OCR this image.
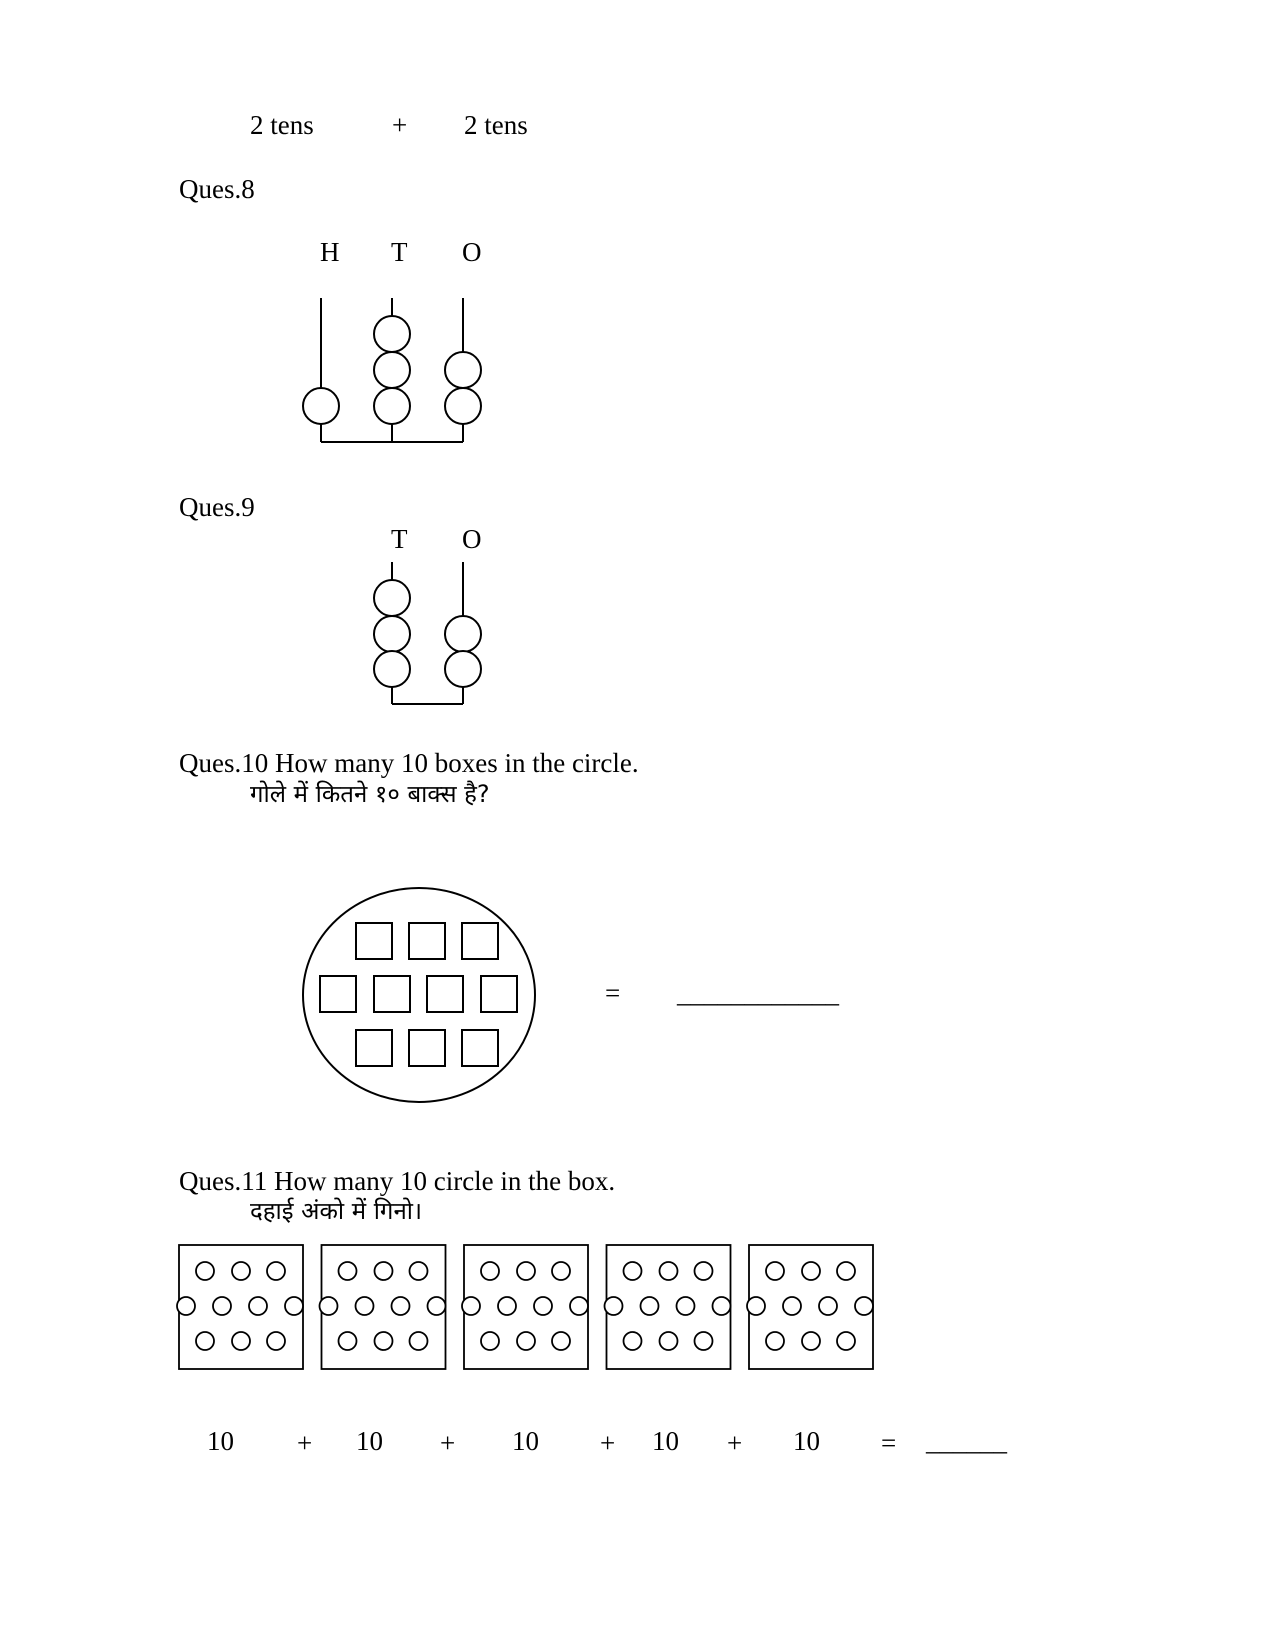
2 tens	+ 2 tens
Ques.8
H T O
Ques.9
T O
Ques.10 How many 10 boxes in the circle.
गोले में कितने १० बाक्स है?
= ____________
Ques.11 How many 10 circle in the box.
दहाई अंको में गिनो।
10 + 10 + 10 + 10 + 10 = ______
